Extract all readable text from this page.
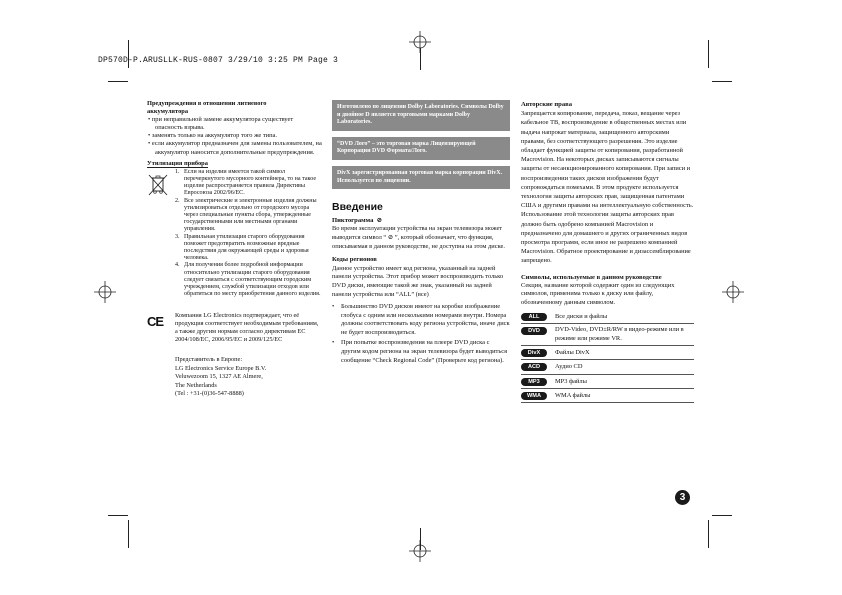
DP570D-P.ARUSLLK-RUS-0807 3/29/10 3:25 PM Page 3

Предупреждения в отношении литиевого

аккумулятора

• при неправильной замене аккумулятора существует опасность взрыва.

• заменять только на аккумулятор того же типа.

• если аккумулятор предназначен для замены пользователем, на аккумулятор наносится дополнительные предупреждения.

Утилизация прибора

1. Если на изделии имеется такой символ перечеркнутого мусорного контейнера, то на такое изделие распространяется правила Директивы Евросоюза 2002/96/EC.
2. Все электрические и электронные изделия должны утилизироваться отдельно от городского мусора через специальные пункты сбора, утвержденные государственными или местными органами управления.
3. Правильная утилизация старого оборудования поможет предотвратить возможные вредные последствия для окружающей среды и здоровья человека.
4. Для получения более подробной информации относительно утилизации старого оборудования следует связаться с соответствующим городским учреждением, службой утилизации отходов или обратиться по месту приобретения данного изделия.
CE	Компания LG Electronics подтверждает, что её продукция соответствует необходимым требованиям, а также другим нормам согласно директивам EC 2004/108/EC, 2006/95/EC и 2009/125/EC

Представитель в Европе:

LG Electronics Service Europe B.V.

Veluwezoom 15, 1327 AE Almere,

The Netherlands

(Tel : +31-(0)36-547-8888)

Изготовлено по лицензии Dolby Laboratories. Символы Dolby и двойное D является торговыми марками Dolby Laboratories.
“DVD Лого” – это торговая марка Лицензирующей Корпорации DVD Формата/Лого.
DivX зарегистрированная торговая марка корпорации DivX. Используется по лицензии.
Введение

Пиктограмма ⊘

Во время эксплуатации устройства на экран телевизора может выводится символ “ ⊘ ”, который обозначает, что функция, описываемая в данном руководстве, не доступна на этом диске.

Коды регионов

Данное устройство имеет код региона, указанный на задней панели устройства. Этот прибор может воспроизводить только DVD диски, имеющие такой же знак, указанный на задней панели устройства или “ALL” (все)

•	Большинство DVD дисков имеют на коробке изображение глобуса с одним или несколькими номерами внутри. Номера должны соответствовать коду региона устройства, иначе диск не будет воспроизводиться.
•	При попытке воспроизведения на плеере DVD диска с другим кодом региона на экран телевизора будет выводиться сообщение “Check Regional Code” (Проверьте код региона).

Авторские права

Запрещается копирование, передача, показ, вещание через кабельное ТВ, воспроизведение в общественных местах или выдача напрокат материала, защищенного авторскими правами, без соответствующего разрешения. Это изделие обладает функцией защиты от копирования, разработанной Macrovision. На некоторых дисках записываются сигналы защиты от несанкционированного копирования. При записи и воспроизведении таких дисков изображения будут сопровождаться помехами. В этом продукте используется технология защиты авторских прав, защищенная патентами США и другими правами на интеллектуальную собственность. Использование этой технологии защиты авторских прав должно быть одобрено компанией Macrovision и предназначено для домашнего и других ограниченных видов просмотра программ, если иное не разрешено компанией Macrovision. Обратное проектирование и дизассемблирование запрещено.

Символы, используемые в данном руководстве

Секция, название которой содержит один из следующих символов, применима только к диску или файлу, обозначенному данным символом.

ALL	Все диски и файлы
DVD	DVD-Video, DVD±R/RW в видео-режиме или в режиме или режиме VR.
DivX	Файлы DivX
ACD	Аудио CD
MP3	MP3 файлы
WMA	WMA файлы
3
